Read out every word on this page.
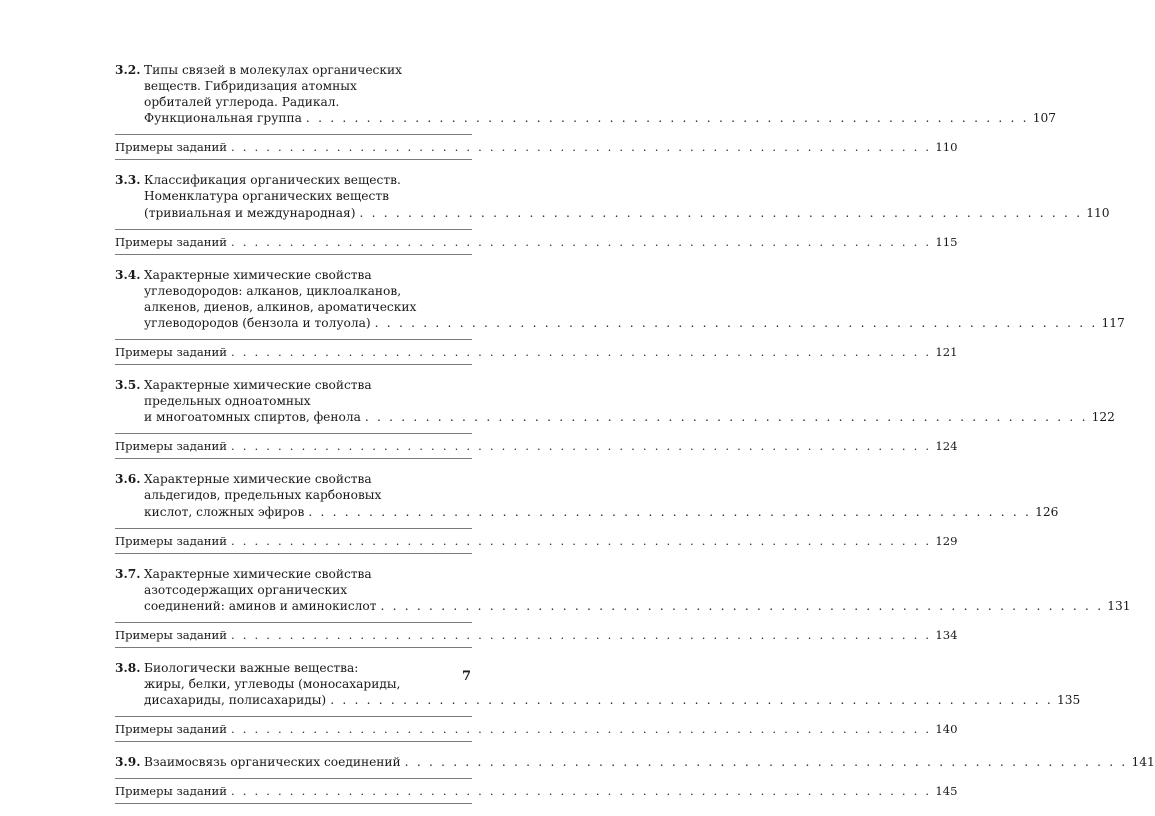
3.2. Типы связей в молекулах органических
веществ. Гибридизация атомных
орбиталей углерода. Радикал.
Функциональная группа . . . . . . . . . . . . . . . . . . . . . . . . . . . . . . . . . . . . . . . . . . . . . . . . . . . . . . . . . . . . 107
Примеры заданий . . . . . . . . . . . . . . . . . . . . . . . . . . . . . . . . . . . . . . . . . . . . . . . . . . . . . . . . . . . . 110
3.3. Классификация органических веществ.
Номенклатура органических веществ
(тривиальная и международная) . . . . . . . . . . . . . . . . . . . . . . . . . . . . . . . . . . . . . . . . . . . . . . . . . . . . . . . . . . . . 110
Примеры заданий . . . . . . . . . . . . . . . . . . . . . . . . . . . . . . . . . . . . . . . . . . . . . . . . . . . . . . . . . . . . 115
3.4. Характерные химические свойства
углеводородов: алканов, циклоалканов,
алкенов, диенов, алкинов, ароматических
углеводородов (бензола и толуола) . . . . . . . . . . . . . . . . . . . . . . . . . . . . . . . . . . . . . . . . . . . . . . . . . . . . . . . . . . . . 117
Примеры заданий . . . . . . . . . . . . . . . . . . . . . . . . . . . . . . . . . . . . . . . . . . . . . . . . . . . . . . . . . . . . 121
3.5. Характерные химические свойства
предельных одноатомных
и многоатомных спиртов, фенола . . . . . . . . . . . . . . . . . . . . . . . . . . . . . . . . . . . . . . . . . . . . . . . . . . . . . . . . . . . . 122
Примеры заданий . . . . . . . . . . . . . . . . . . . . . . . . . . . . . . . . . . . . . . . . . . . . . . . . . . . . . . . . . . . . 124
3.6. Характерные химические свойства
альдегидов, предельных карбоновых
кислот, сложных эфиров . . . . . . . . . . . . . . . . . . . . . . . . . . . . . . . . . . . . . . . . . . . . . . . . . . . . . . . . . . . . 126
Примеры заданий . . . . . . . . . . . . . . . . . . . . . . . . . . . . . . . . . . . . . . . . . . . . . . . . . . . . . . . . . . . . 129
3.7. Характерные химические свойства
азотсодержащих органических
соединений: аминов и аминокислот . . . . . . . . . . . . . . . . . . . . . . . . . . . . . . . . . . . . . . . . . . . . . . . . . . . . . . . . . . . . 131
Примеры заданий . . . . . . . . . . . . . . . . . . . . . . . . . . . . . . . . . . . . . . . . . . . . . . . . . . . . . . . . . . . . 134
3.8. Биологически важные вещества:
жиры, белки, углеводы (моносахариды,
дисахариды, полисахариды) . . . . . . . . . . . . . . . . . . . . . . . . . . . . . . . . . . . . . . . . . . . . . . . . . . . . . . . . . . . . 135
Примеры заданий . . . . . . . . . . . . . . . . . . . . . . . . . . . . . . . . . . . . . . . . . . . . . . . . . . . . . . . . . . . . 140
3.9. Взаимосвязь органических соединений . . . . . . . . . . . . . . . . . . . . . . . . . . . . . . . . . . . . . . . . . . . . . . . . . . . . . . . . . . . . 141
Примеры заданий . . . . . . . . . . . . . . . . . . . . . . . . . . . . . . . . . . . . . . . . . . . . . . . . . . . . . . . . . . . . 145
7
